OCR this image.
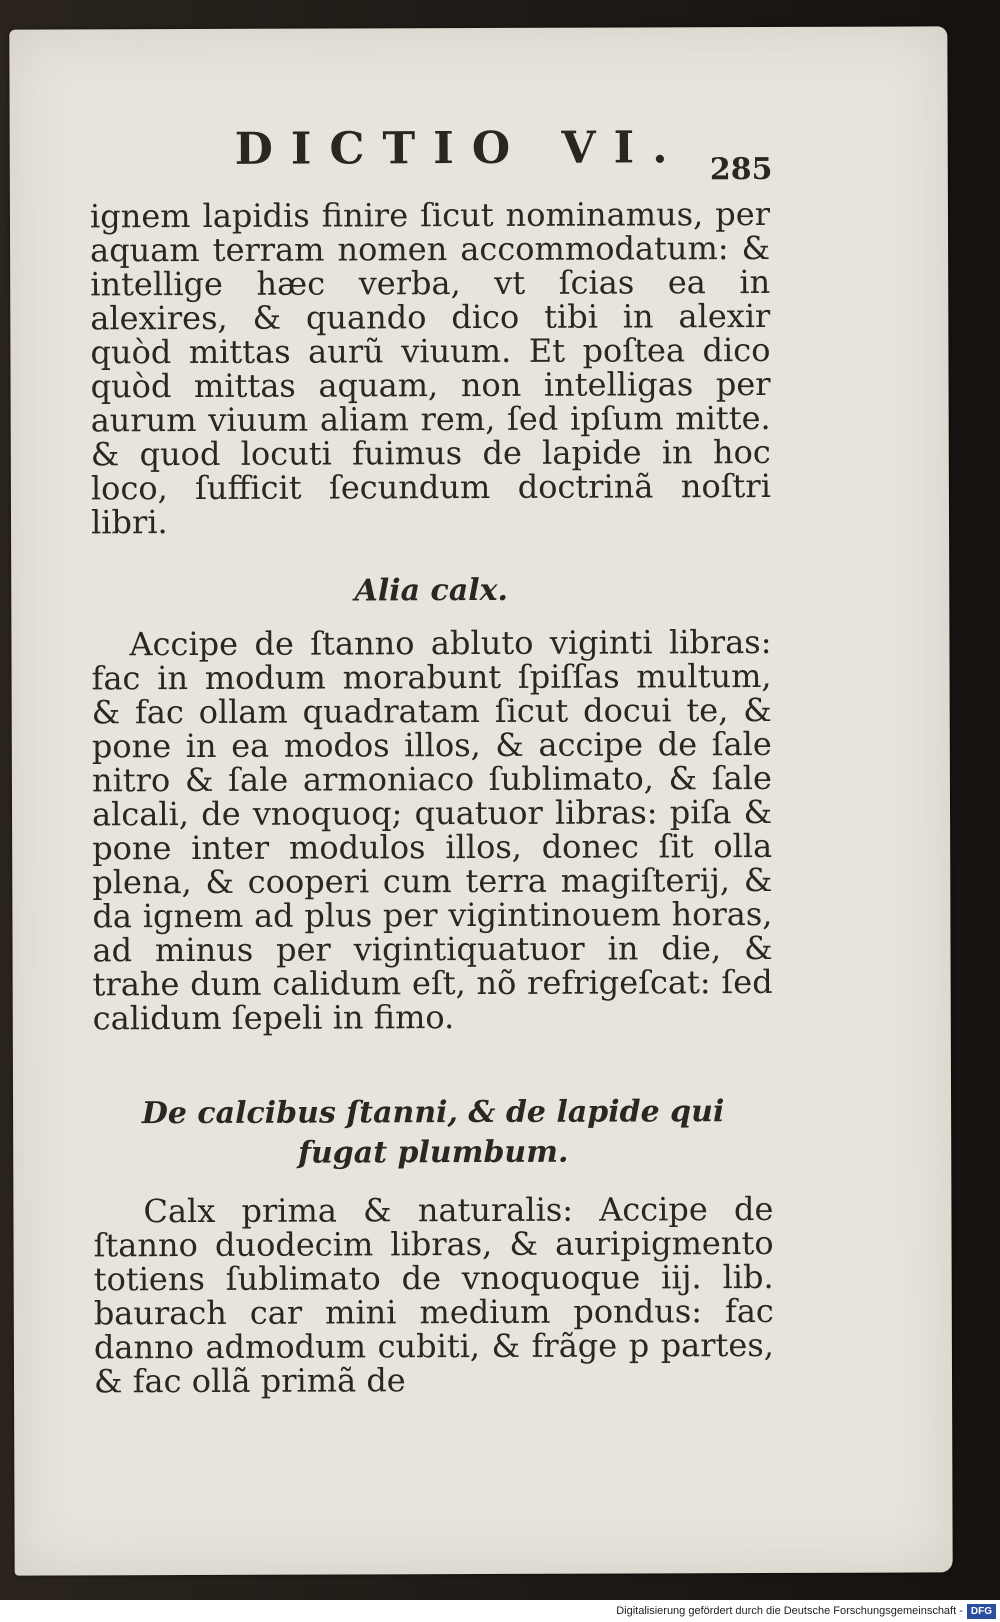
DICTIO VI. 285

ignem lapidis finire ſicut nominamus, per aquam terram nomen accommodatum: & intellige hæc verba, vt ſcias ea in alexires, & quando dico tibi in alexir quòd mittas aurũ viuum. Et poſtea dico quòd mittas aquam, non intelligas per aurum viuum aliam rem, ſed ipſum mitte. & quod locuti fuimus de lapide in hoc loco, ſufficit ſecundum doctrinã noſtri libri.

Alia calx.

Accipe de ſtanno abluto viginti libras: fac in modum morabunt ſpiſſas multum, & fac ollam quadratam ſicut docui te, & pone in ea modos illos, & accipe de ſale nitro & ſale armoniaco ſublimato, & ſale alcali, de vnoquoq; quatuor libras: piſa & pone inter modulos illos, donec ſit olla plena, & cooperi cum terra magiſterij, & da ignem ad plus per vigintinouem horas, ad minus per vigintiquatuor in die, & trahe dum calidum eſt, nõ refrigeſcat: ſed calidum ſepeli in fimo.

De calcibus ſtanni, & de lapide qui fugat plumbum.

Calx prima & naturalis: Accipe de ſtanno duodecim libras, & auripigmento totiens ſublimato de vnoquoque iij. lib. baurach car mini medium pondus: fac danno admodum cubiti, & frãge p partes, & fac ollã primã de

Digitalisierung gefördert durch die Deutsche Forschungsgemeinschaft - DFG
